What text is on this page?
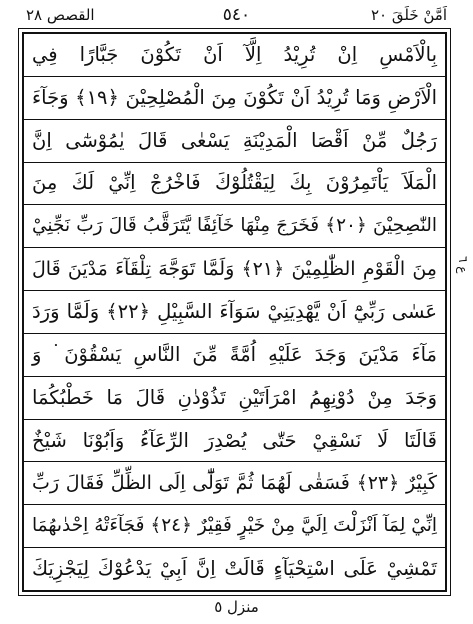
اَمَّنْ خَلَقَ ٢٠
٥٤٠
القصص ٢٨
بِالْاَمْسِ اِنْ تُرِيْدُ اِلَّآ اَنْ تَكُوْنَ جَبَّارًا فِي
الْاَرْضِ وَمَا تُرِيْدُ اَنْ تَكُوْنَ مِنَ الْمُصْلِحِيْنَ ﴿١٩﴾ وَجَآءَ
رَجُلٌ مِّنْ اَقْصَا الْمَدِيْنَةِ يَسْعٰى قَالَ يٰمُوْسٰٓى اِنَّ
الْمَلَاَ يَاْتَمِرُوْنَ بِكَ لِيَقْتُلُوْكَ فَاخْرُجْ اِنِّيْ لَكَ مِنَ
النّٰصِحِيْنَ ﴿٢٠﴾ فَخَرَجَ مِنْهَا خَآئِفًا يَّتَرَقَّبُ قَالَ رَبِّ نَجِّنِيْ
مِنَ الْقَوْمِ الظّٰلِمِيْنَ ﴿٢١﴾ وَلَمَّا تَوَجَّهَ تِلْقَآءَ مَدْيَنَ قَالَ
عَسٰى رَبِّيْٓ اَنْ يَّهْدِيَنِيْ سَوَآءَ السَّبِيْلِ ﴿٢٢﴾ وَلَمَّا وَرَدَ
مَآءَ مَدْيَنَ وَجَدَ عَلَيْهِ اُمَّةً مِّنَ النَّاسِ يَسْقُوْنَ ۬ وَ
وَجَدَ مِنْ دُوْنِهِمُ امْرَاَتَيْنِ تَذُوْدٰنِ قَالَ مَا خَطْبُكُمَا
قَالَتَا لَا نَسْقِيْ حَتّٰى يُصْدِرَ الرِّعَآءُ وَاَبُوْنَا شَيْخٌ
كَبِيْرٌ ﴿٢٣﴾ فَسَقٰى لَهُمَا ثُمَّ تَوَلّٰٓى اِلَى الظِّلِّ فَقَالَ رَبِّ
اِنِّيْ لِمَآ اَنْزَلْتَ اِلَيَّ مِنْ خَيْرٍ فَقِيْرٌ ﴿٢٤﴾ فَجَآءَتْهُ اِحْدٰىهُمَا
تَمْشِيْ عَلَى اسْتِحْيَآءٍ قَالَتْ اِنَّ اَبِيْ يَدْعُوْكَ لِيَجْزِيَكَ
ع ٦
منزل ٥
